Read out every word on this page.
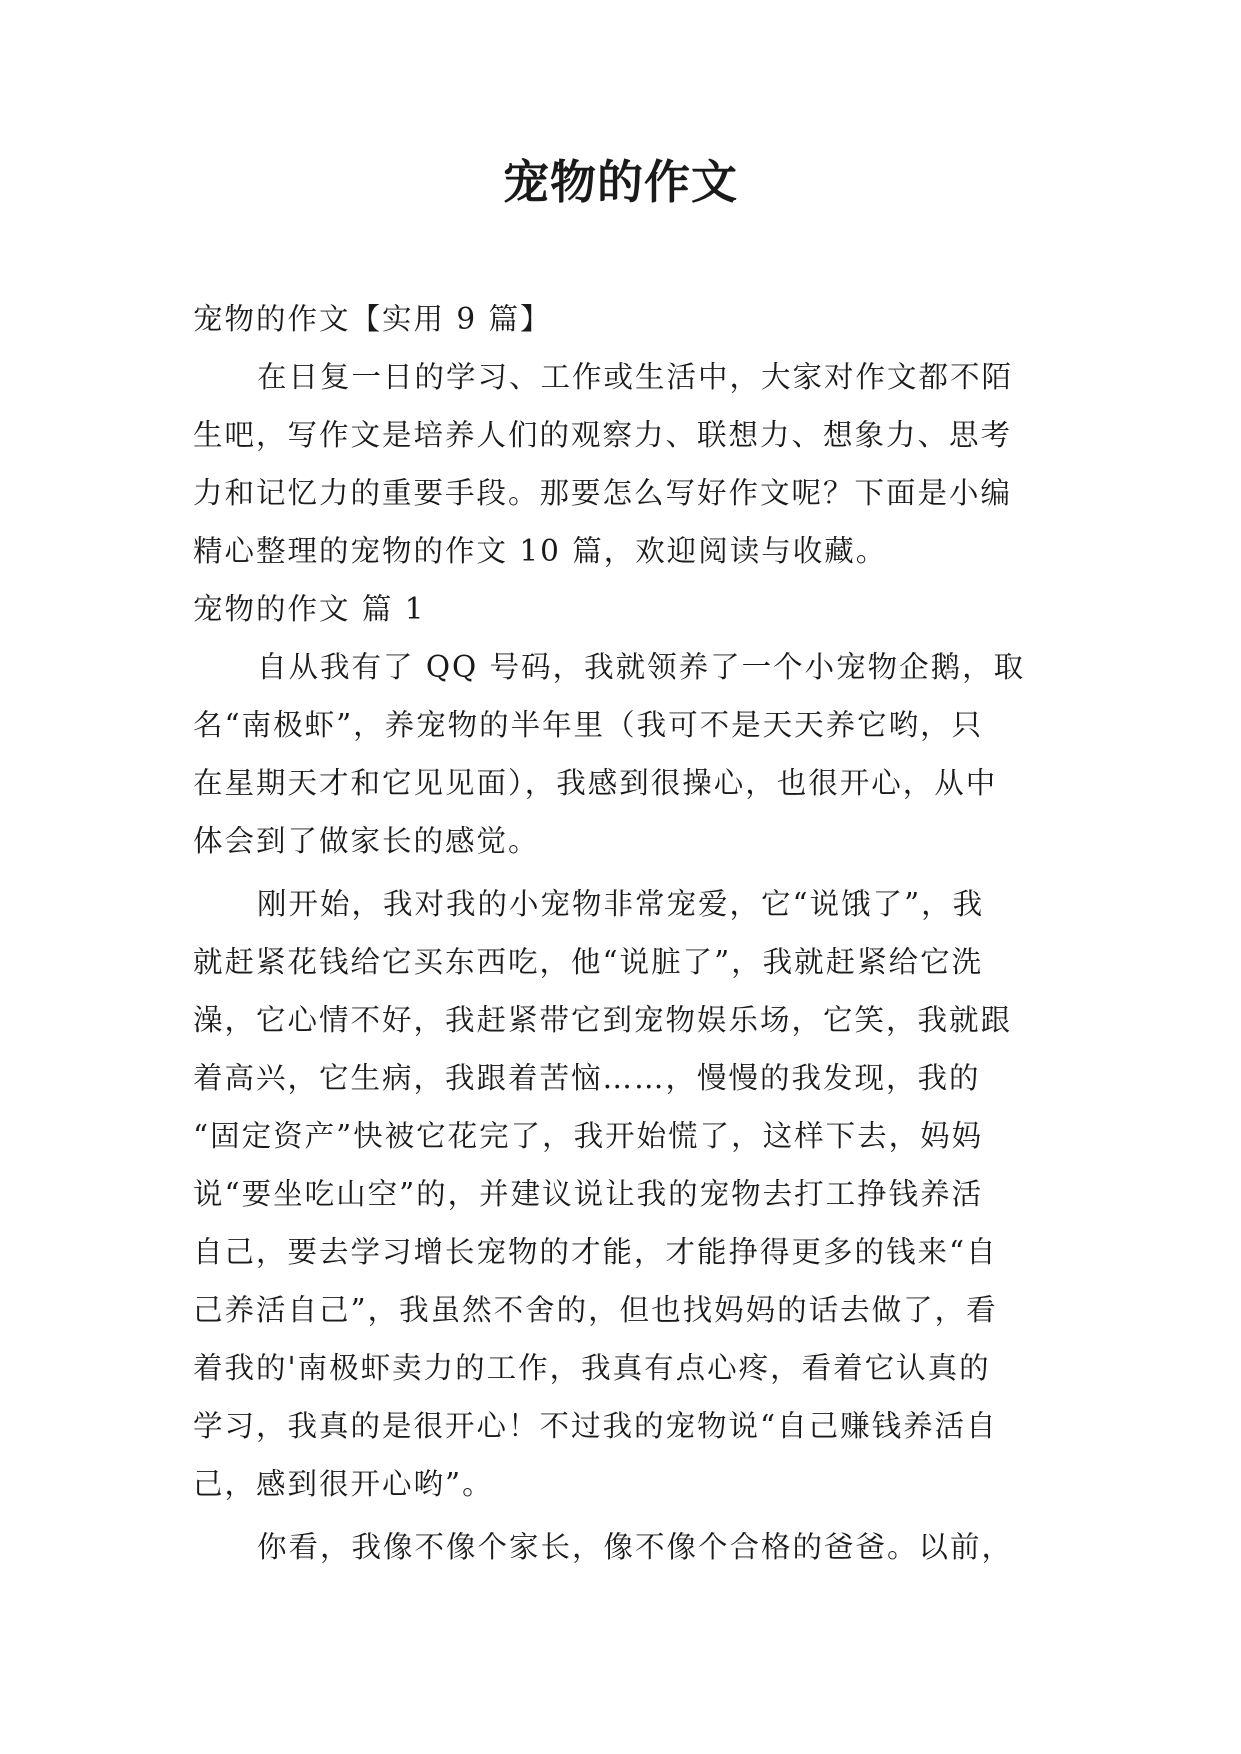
宠物的作文
宠物的作文【实用 9 篇】
在日复一日的学习、工作或生活中，大家对作文都不陌
生吧，写作文是培养人们的观察力、联想力、想象力、思考
力和记忆力的重要手段。那要怎么写好作文呢？下面是小编
精心整理的宠物的作文 10 篇，欢迎阅读与收藏。
宠物的作文 篇 1
自从我有了 QQ 号码，我就领养了一个小宠物企鹅，取
名“南极虾”，养宠物的半年里（我可不是天天养它哟，只
在星期天才和它见见面），我感到很操心，也很开心，从中
体会到了做家长的感觉。
刚开始，我对我的小宠物非常宠爱，它“说饿了”，我
就赶紧花钱给它买东西吃，他“说脏了”，我就赶紧给它洗
澡，它心情不好，我赶紧带它到宠物娱乐场，它笑，我就跟
着高兴，它生病，我跟着苦恼……，慢慢的我发现，我的
“固定资产”快被它花完了，我开始慌了，这样下去，妈妈
说“要坐吃山空”的，并建议说让我的宠物去打工挣钱养活
自己，要去学习增长宠物的才能，才能挣得更多的钱来“自
己养活自己”，我虽然不舍的，但也找妈妈的话去做了，看
着我的'南极虾卖力的工作，我真有点心疼，看着它认真的
学习，我真的是很开心！不过我的宠物说“自己赚钱养活自
己，感到很开心哟”。
你看，我像不像个家长，像不像个合格的爸爸。以前，
